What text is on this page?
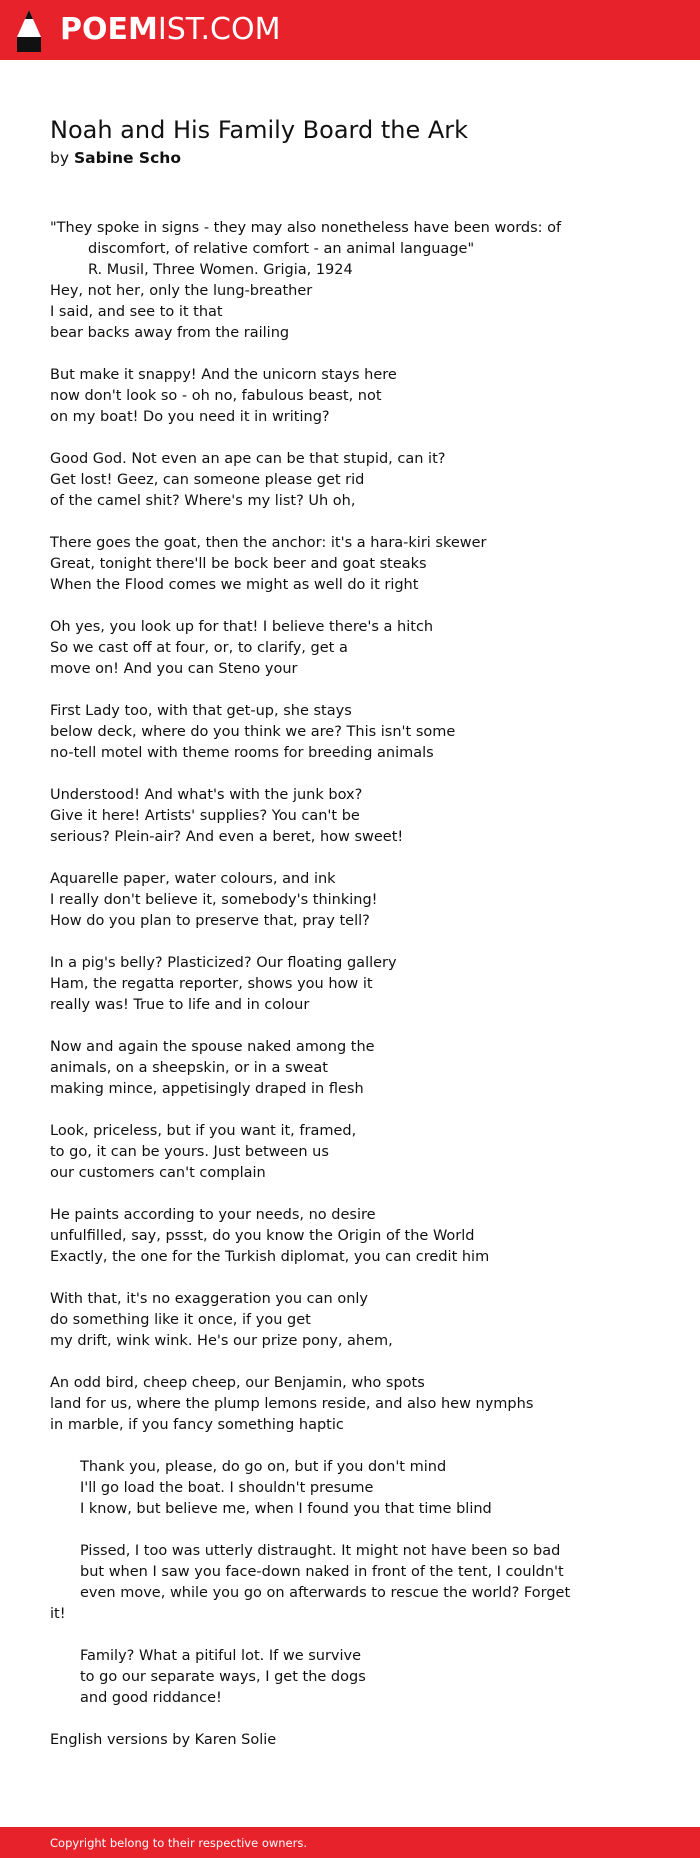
POEMIST.COM
Noah and His Family Board the Ark
by Sabine Scho
"They spoke in signs - they may also nonetheless have been words: of
discomfort, of relative comfort - an animal language"
R. Musil, Three Women. Grigia, 1924
Hey, not her, only the lung-breather
I said, and see to it that
bear backs away from the railing
But make it snappy! And the unicorn stays here
now don't look so - oh no, fabulous beast, not
on my boat! Do you need it in writing?
Good God. Not even an ape can be that stupid, can it?
Get lost! Geez, can someone please get rid
of the camel shit? Where's my list? Uh oh,
There goes the goat, then the anchor: it's a hara-kiri skewer
Great, tonight there'll be bock beer and goat steaks
When the Flood comes we might as well do it right
Oh yes, you look up for that! I believe there's a hitch
So we cast off at four, or, to clarify, get a
move on! And you can Steno your
First Lady too, with that get-up, she stays
below deck, where do you think we are? This isn't some
no-tell motel with theme rooms for breeding animals
Understood! And what's with the junk box?
Give it here! Artists' supplies? You can't be
serious? Plein-air? And even a beret, how sweet!
Aquarelle paper, water colours, and ink
I really don't believe it, somebody's thinking!
How do you plan to preserve that, pray tell?
In a pig's belly? Plasticized? Our floating gallery
Ham, the regatta reporter, shows you how it
really was! True to life and in colour
Now and again the spouse naked among the
animals, on a sheepskin, or in a sweat
making mince, appetisingly draped in flesh
Look, priceless, but if you want it, framed,
to go, it can be yours. Just between us
our customers can't complain
He paints according to your needs, no desire
unfulfilled, say, pssst, do you know the Origin of the World
Exactly, the one for the Turkish diplomat, you can credit him
With that, it's no exaggeration you can only
do something like it once, if you get
my drift, wink wink. He's our prize pony, ahem,
An odd bird, cheep cheep, our Benjamin, who spots
land for us, where the plump lemons reside, and also hew nymphs
in marble, if you fancy something haptic
Thank you, please, do go on, but if you don't mind
I'll go load the boat. I shouldn't presume
I know, but believe me, when I found you that time blind
Pissed, I too was utterly distraught. It might not have been so bad
but when I saw you face-down naked in front of the tent, I couldn't
even move, while you go on afterwards to rescue the world? Forget
it!
Family? What a pitiful lot. If we survive
to go our separate ways, I get the dogs
and good riddance!
English versions by Karen Solie
Copyright belong to their respective owners.
